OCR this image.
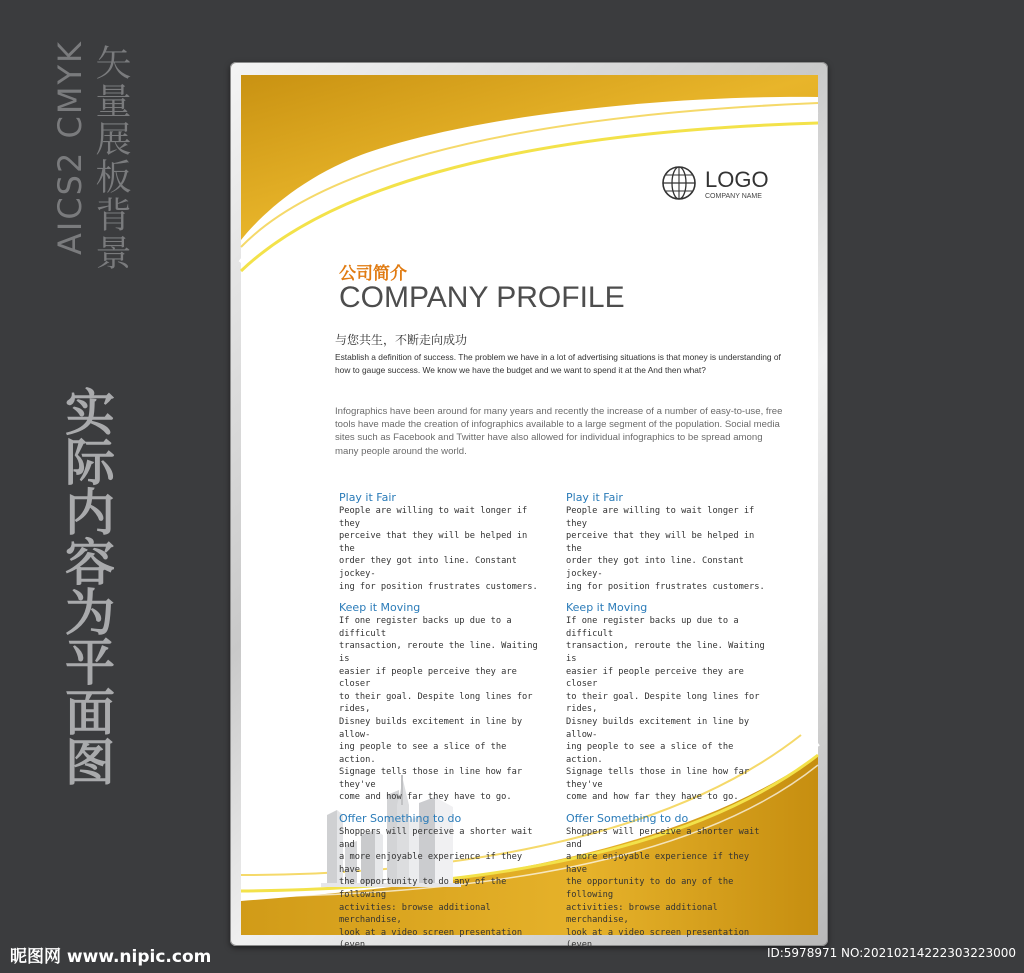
矢量展板背景
AICS2 CMYK
实际内容为平面图
LOGO
COMPANY NAME
公司简介
COMPANY PROFILE
与您共生，不断走向成功
Establish a definition of success. The problem we have in a lot of advertising situations is that money is understanding of how to gauge success. We know we have the budget and we want to spend it at the And then what?
Infographics have been around for many years and recently the increase of a number of easy-to-use, free tools have made the creation of infographics available to a large segment of the population. Social media sites such as Facebook and Twitter have also allowed for individual infographics to be spread among many people around the world.
Play it Fair
People are willing to wait longer if they
perceive that they will be helped in the
order they got into line. Constant jockey-
ing for position frustrates customers.
Keep it Moving
If one register backs up due to a difficult
transaction, reroute the line. Waiting is
easier if people perceive they are closer
to their goal. Despite long lines for rides,
Disney builds excitement in line by allow-
ing people to see a slice of the action.
Signage tells those in line how far they've
come and how far they have to go.
Offer Something to do
Shoppers will perceive a shorter wait and
a more enjoyable experience if they have
the opportunity to do any of the following
activities: browse additional merchandise,
look at a video screen presentation (even
Play it Fair
People are willing to wait longer if they
perceive that they will be helped in the
order they got into line. Constant jockey-
ing for position frustrates customers.
Keep it Moving
If one register backs up due to a difficult
transaction, reroute the line. Waiting is
easier if people perceive they are closer
to their goal. Despite long lines for rides,
Disney builds excitement in line by allow-
ing people to see a slice of the action.
Signage tells those in line how far they've
come and how far they have to go.
Offer Something to do
Shoppers will perceive a shorter wait and
a more enjoyable experience if they have
the opportunity to do any of the following
activities: browse additional merchandise,
look at a video screen presentation (even
昵图网 www.nipic.com	ID:5978971 NO:20210214222303223000
